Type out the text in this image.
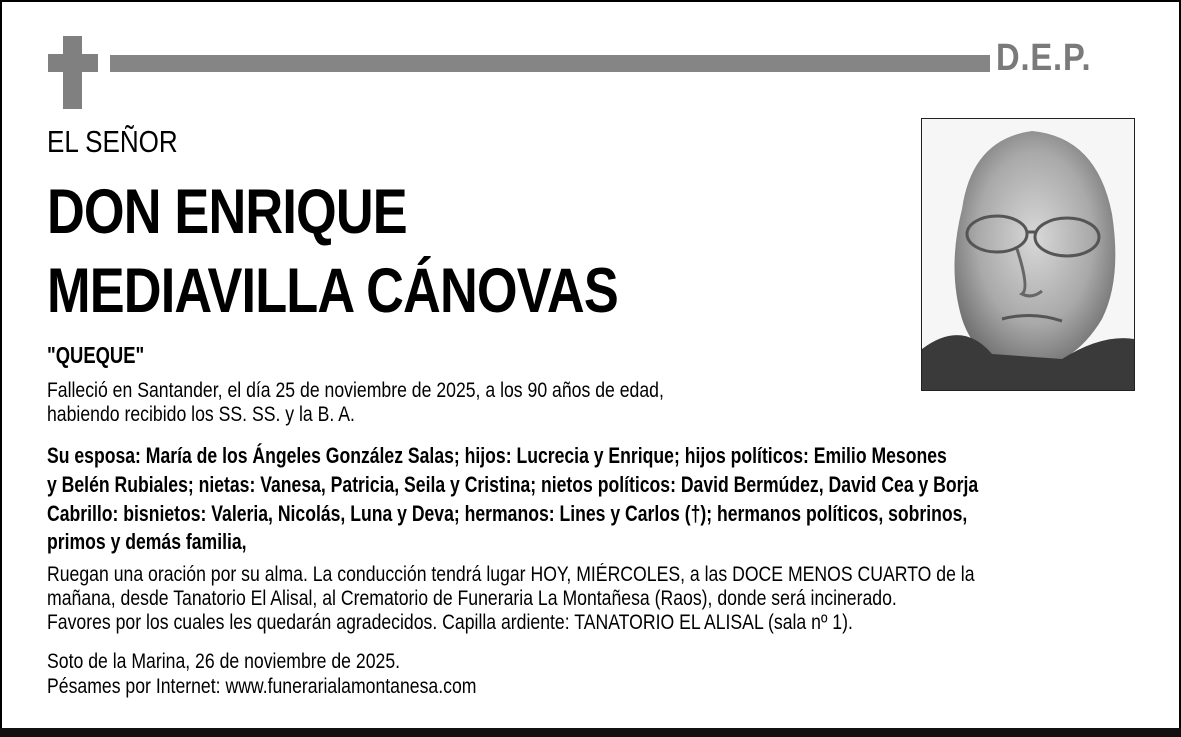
D.E.P.
EL SEÑOR
DON ENRIQUE
MEDIAVILLA CÁNOVAS
"QUEQUE"
Falleció en Santander, el día 25 de noviembre de 2025, a los 90 años de edad,
habiendo recibido los SS. SS. y la B. A.
Su esposa: María de los Ángeles González Salas; hijos: Lucrecia y Enrique; hijos políticos: Emilio Mesones
y Belén Rubiales; nietas: Vanesa, Patricia, Seila y Cristina; nietos políticos: David Bermúdez, David Cea y Borja
Cabrillo: bisnietos: Valeria, Nicolás, Luna y Deva; hermanos: Lines y Carlos (†); hermanos políticos, sobrinos,
primos y demás familia,
Ruegan una oración por su alma. La conducción tendrá lugar HOY, MIÉRCOLES, a las DOCE MENOS CUARTO de la
mañana, desde Tanatorio El Alisal, al Crematorio de Funeraria La Montañesa (Raos), donde será incinerado.
Favores por los cuales les quedarán agradecidos. Capilla ardiente: TANATORIO EL ALISAL (sala nº 1).
Soto de la Marina, 26 de noviembre de 2025.
Pésames por Internet: www.funerarialamontanesa.com
